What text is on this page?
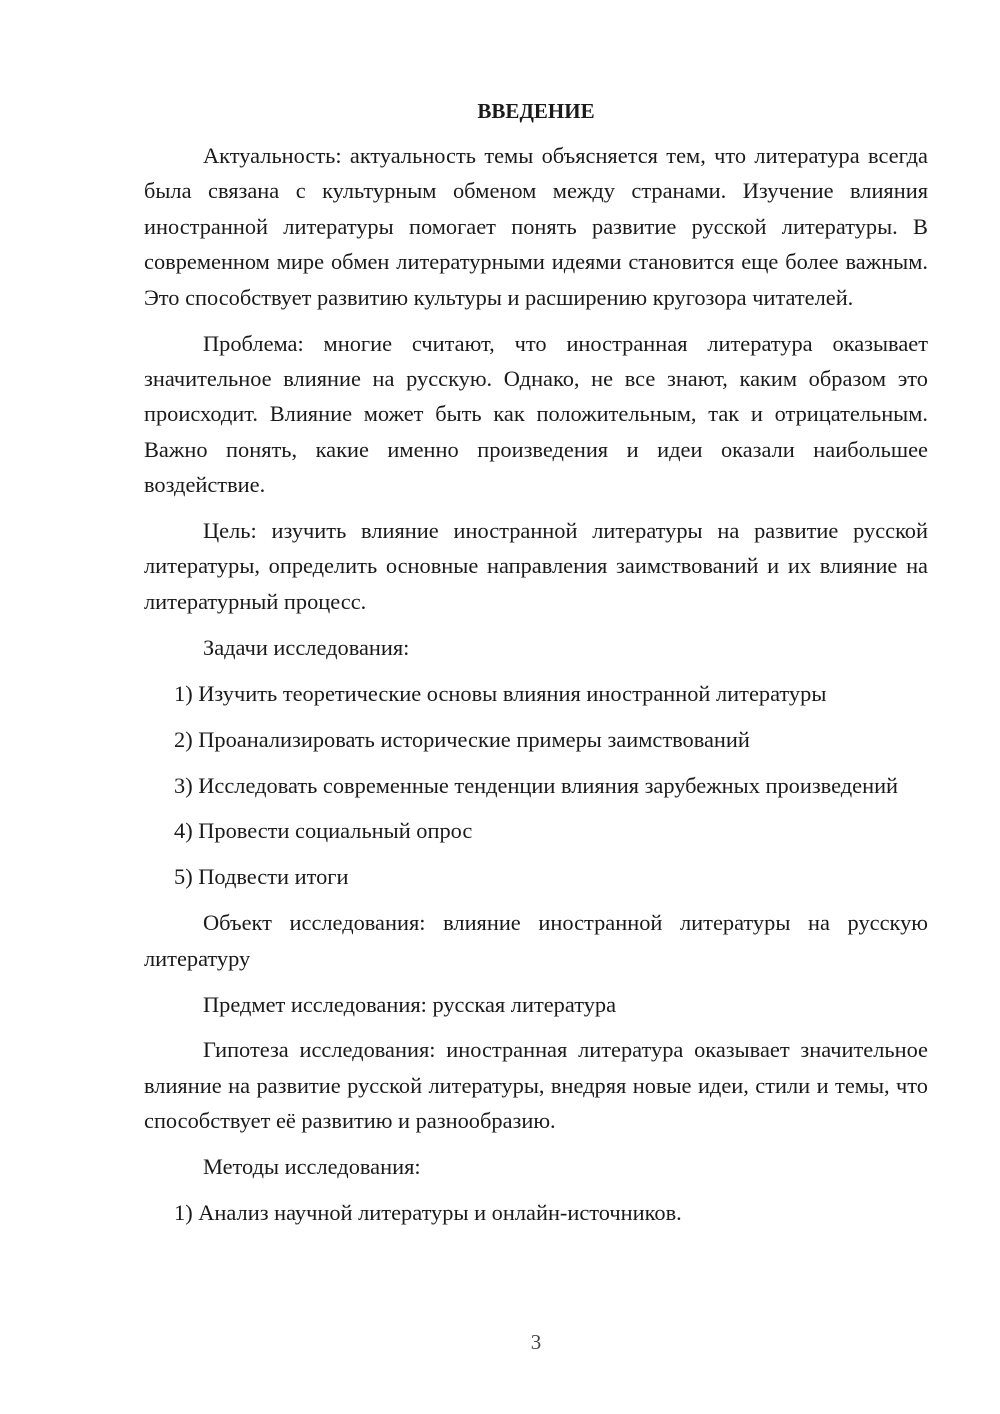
ВВЕДЕНИЕ

Актуальность: актуальность темы объясняется тем, что литература всегда была связана с культурным обменом между странами. Изучение влияния иностранной литературы помогает понять развитие русской литературы. В современном мире обмен литературными идеями становится еще более важным. Это способствует развитию культуры и расширению кругозора читателей.

Проблема: многие считают, что иностранная литература оказывает значительное влияние на русскую. Однако, не все знают, каким образом это происходит. Влияние может быть как положительным, так и отрицательным. Важно понять, какие именно произведения и идеи оказали наибольшее воздействие.

Цель: изучить влияние иностранной литературы на развитие русской литературы, определить основные направления заимствований и их влияние на литературный процесс.

Задачи исследования:

1) Изучить теоретические основы влияния иностранной литературы

2) Проанализировать исторические примеры заимствований

3) Исследовать современные тенденции влияния зарубежных произведений

4) Провести социальный опрос

5) Подвести итоги

Объект исследования: влияние иностранной литературы на русскую литературу

Предмет исследования: русская литература

Гипотеза исследования: иностранная литература оказывает значительное влияние на развитие русской литературы, внедряя новые идеи, стили и темы, что способствует её развитию и разнообразию.

Методы исследования:

1) Анализ научной литературы и онлайн-источников.

3
